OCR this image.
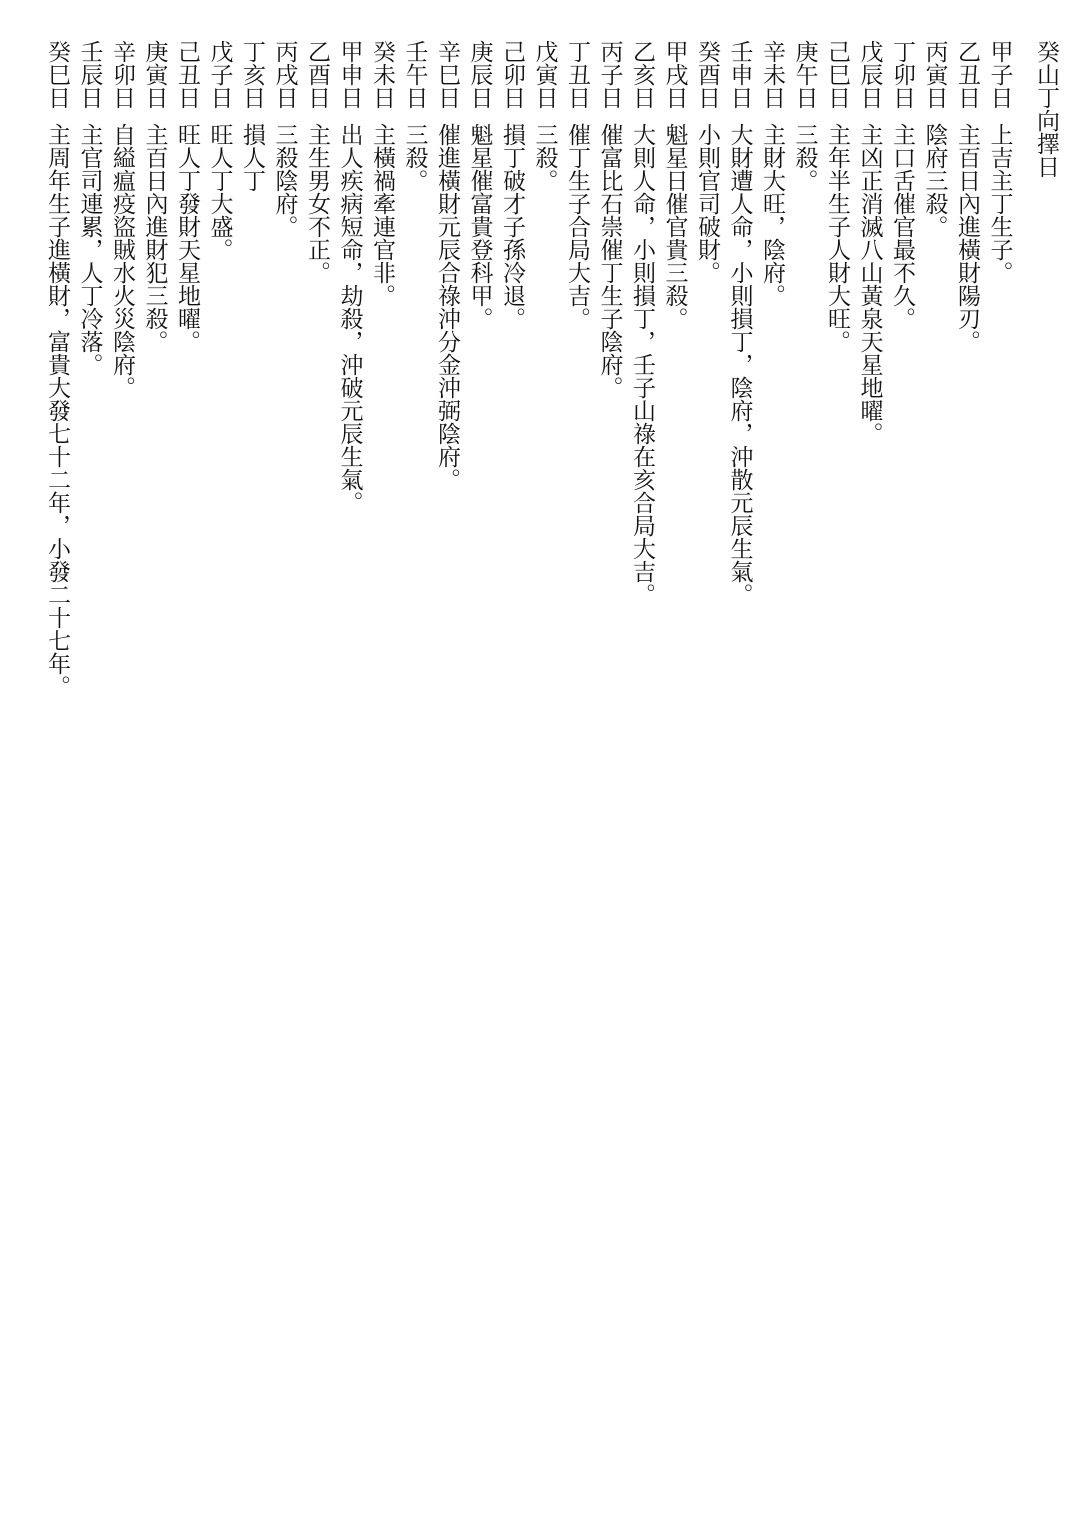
癸山丁向擇日
甲子日上吉主丁生子。
乙丑日主百日內進橫財陽刃。
丙寅日陰府三殺。
丁卯日主口舌催官最不久。
戊辰日主凶正消滅八山黃泉天星地曜。
己巳日主年半生子人財大旺。
庚午日三殺。
辛未日主財大旺，陰府。
壬申日大財遭人命，小則損丁，陰府，沖散元辰生氣。
癸酉日小則官司破財。
甲戌日魁星日催官貴三殺。
乙亥日大則人命，小則損丁，壬子山祿在亥合局大吉。
丙子日催富比石崇催丁生子陰府。
丁丑日催丁生子合局大吉。
戊寅日三殺。
己卯日損丁破才子孫冷退。
庚辰日魁星催富貴登科甲。
辛巳日催進橫財元辰合祿沖分金沖弼陰府。
壬午日三殺。
癸未日主橫禍牽連官非。
甲申日出人疾病短命，劫殺，沖破元辰生氣。
乙酉日主生男女不正。
丙戌日三殺陰府。
丁亥日損人丁
戊子日旺人丁大盛。
己丑日旺人丁發財天星地曜。
庚寅日主百日內進財犯三殺。
辛卯日自縊瘟疫盜賊水火災陰府。
壬辰日主官司連累，人丁冷落。
癸巳日主周年生子進橫財，富貴大發七十二年，小發二十七年。
